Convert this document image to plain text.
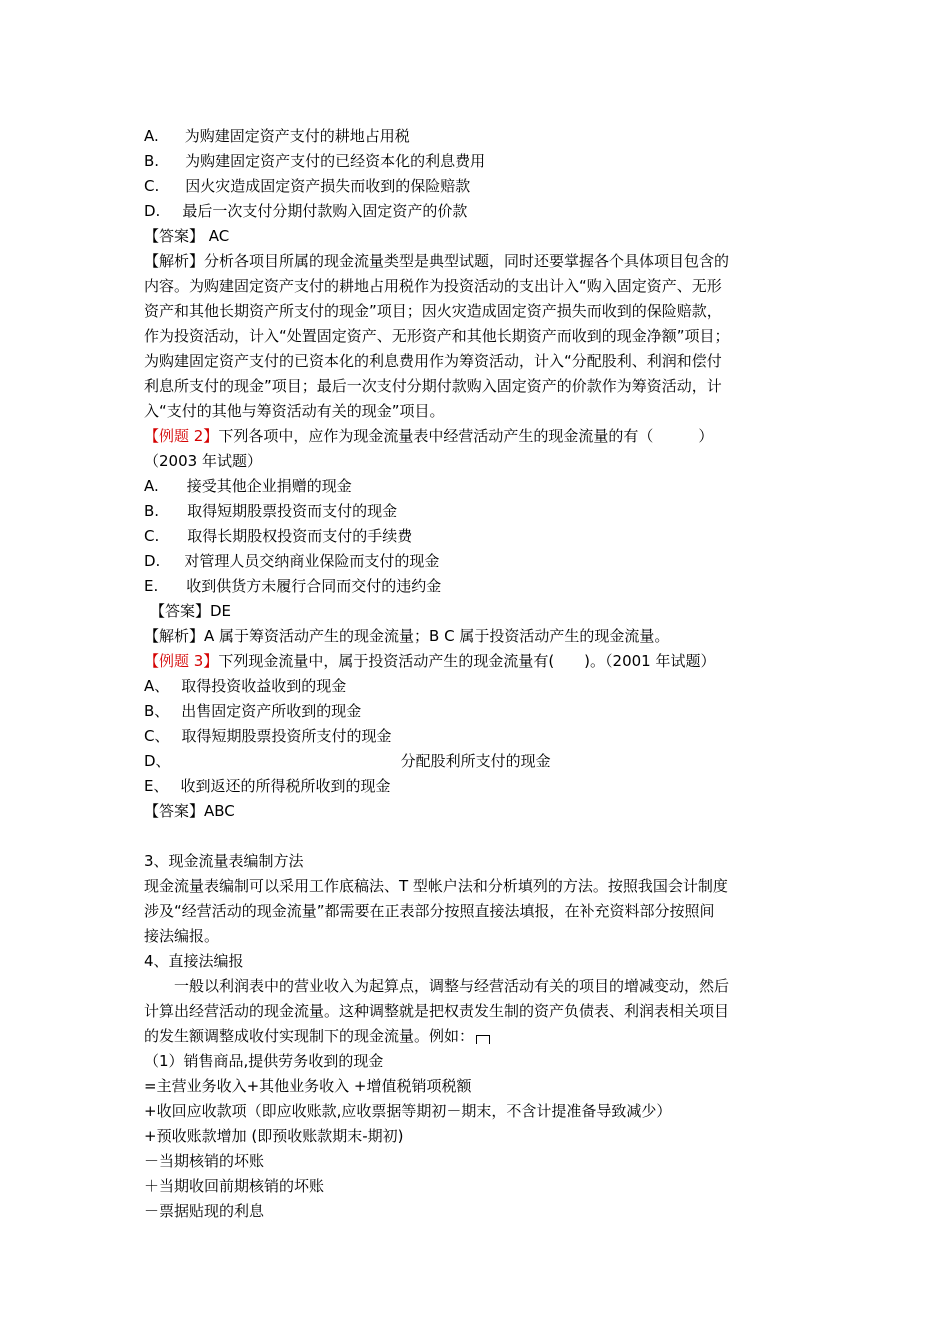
A. 为购建固定资产支付的耕地占用税
B. 为购建固定资产支付的已经资本化的利息费用
C. 因火灾造成固定资产损失而收到的保险赔款
D. 最后一次支付分期付款购入固定资产的价款
【答案】 AC
【解析】分析各项目所属的现金流量类型是典型试题，同时还要掌握各个具体项目包含的
内容。为购建固定资产支付的耕地占用税作为投资活动的支出计入“购入固定资产、无形
资产和其他长期资产所支付的现金”项目；因火灾造成固定资产损失而收到的保险赔款，
作为投资活动，计入“处置固定资产、无形资产和其他长期资产而收到的现金净额”项目；
为购建固定资产支付的已资本化的利息费用作为筹资活动，计入“分配股利、利润和偿付
利息所支付的现金”项目；最后一次支付分期付款购入固定资产的价款作为筹资活动，计
入“支付的其他与筹资活动有关的现金”项目。
【例题 2】下列各项中，应作为现金流量表中经营活动产生的现金流量的有（　　　）
（2003 年试题）
A. 接受其他企业捐赠的现金
B. 取得短期股票投资而支付的现金
C. 取得长期股权投资而支付的手续费
D. 对管理人员交纳商业保险而支付的现金
E. 收到供货方未履行合同而交付的违约金
【答案】DE
【解析】A 属于筹资活动产生的现金流量；B C 属于投资活动产生的现金流量。
【例题 3】下列现金流量中，属于投资活动产生的现金流量有(　　)。（2001 年试题）
A、 取得投资收益收到的现金
B、 出售固定资产所收到的现金
C、 取得短期股票投资所支付的现金
D、	分配股利所支付的现金
E、 收到返还的所得税所收到的现金
【答案】ABC
3、现金流量表编制方法
现金流量表编制可以采用工作底稿法、T 型帐户法和分析填列的方法。按照我国会计制度
涉及“经营活动的现金流量”都需要在正表部分按照直接法填报，在补充资料部分按照间
接法编报。
4、直接法编报
一般以利润表中的营业收入为起算点，调整与经营活动有关的项目的增减变动，然后
计算出经营活动的现金流量。这种调整就是把权责发生制的资产负债表、利润表相关项目
的发生额调整成收付实现制下的现金流量。例如：
（1）销售商品,提供劳务收到的现金
=主营业务收入+其他业务收入 +增值税销项税额
+收回应收款项（即应收账款,应收票据等期初－期末，不含计提准备导致减少）
+预收账款增加 (即预收账款期末-期初)
－当期核销的坏账
＋当期收回前期核销的坏账
－票据贴现的利息
